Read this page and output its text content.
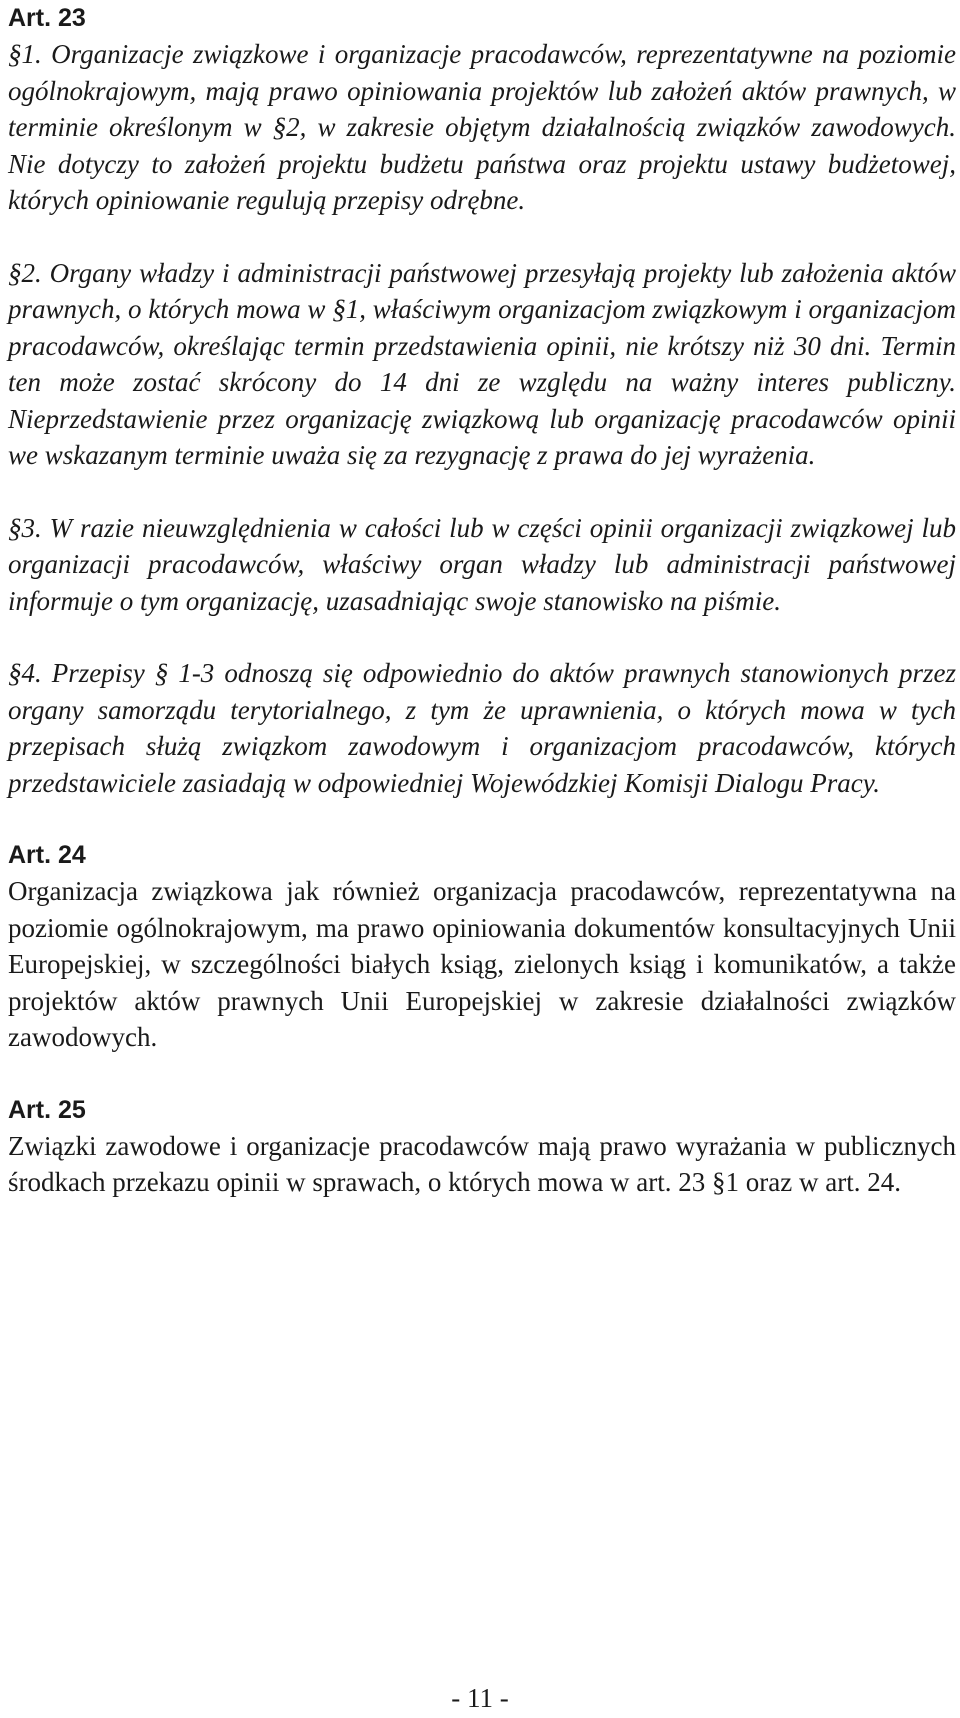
Art. 23

§1. Organizacje związkowe i organizacje pracodawców, reprezentatywne na poziomie ogólnokrajowym, mają prawo opiniowania projektów lub założeń aktów prawnych, w terminie określonym w §2, w zakresie objętym działalnością związków zawodowych. Nie dotyczy to założeń projektu budżetu państwa oraz projektu ustawy budżetowej, których opiniowanie regulują przepisy odrębne.

§2. Organy władzy i administracji państwowej przesyłają projekty lub założenia aktów prawnych, o których mowa w §1, właściwym organizacjom związkowym i organizacjom pracodawców, określając termin przedstawienia opinii, nie krótszy niż 30 dni. Termin ten może zostać skrócony do 14 dni ze względu na ważny interes publiczny. Nieprzedstawienie przez organizację związkową lub organizację pracodawców opinii we wskazanym terminie uważa się za rezygnację z prawa do jej wyrażenia.

§3. W razie nieuwzględnienia w całości lub w części opinii organizacji związkowej lub organizacji pracodawców, właściwy organ władzy lub administracji państwowej informuje o tym organizację, uzasadniając swoje stanowisko na piśmie.

§4. Przepisy § 1-3 odnoszą się odpowiednio do aktów prawnych stanowionych przez organy samorządu terytorialnego, z tym że uprawnienia, o których mowa w tych przepisach służą związkom zawodowym i organizacjom pracodawców, których przedstawiciele zasiadają w odpowiedniej Wojewódzkiej Komisji Dialogu Pracy.

Art. 24

Organizacja związkowa jak również organizacja pracodawców, reprezentatywna na poziomie ogólnokrajowym, ma prawo opiniowania dokumentów konsultacyjnych Unii Europejskiej, w szczególności białych ksiąg, zielonych ksiąg i komunikatów, a także projektów aktów prawnych Unii Europejskiej w zakresie działalności związków zawodowych.

Art. 25

Związki zawodowe i organizacje pracodawców mają prawo wyrażania w publicznych środkach przekazu opinii w sprawach, o których mowa w art. 23 §1 oraz w art. 24.

- 11 -
